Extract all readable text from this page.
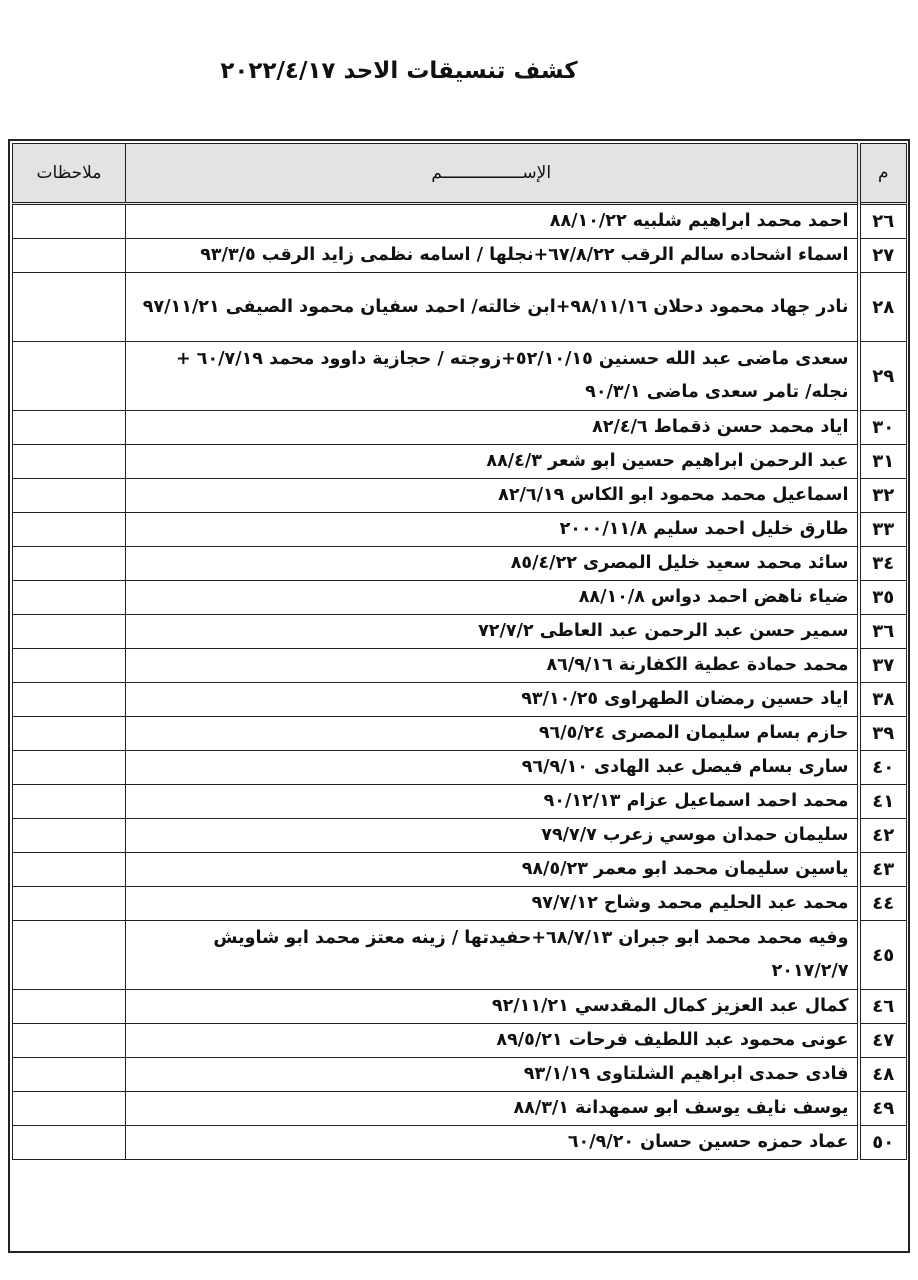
كشف تنسيقات الاحد ٢٠٢٢/٤/١٧
م	الإســــــــــــــــم	ملاحظات
٢٦	احمد محمد ابراهيم شلبيه ٨٨/١٠/٢٢	
٢٧	اسماء اشحاده سالم الرقب ٦٧/٨/٢٢+نجلها / اسامه نظمى زايد الرقب ٩٣/٣/٥	
٢٨	نادر جهاد محمود دحلان ٩٨/١١/١٦+ابن خالته/ احمد سفيان محمود الصيفى ٩٧/١١/٢١	
٢٩	سعدى ماضى عبد الله حسنين ٥٢/١٠/١٥+زوجته / حجازية داوود محمد ٦٠/٧/١٩ + نجله/ تامر سعدى ماضى ٩٠/٣/١	
٣٠	اياد محمد حسن ذقماط ٨٢/٤/٦	
٣١	عبد الرحمن ابراهيم حسين ابو شعر ٨٨/٤/٣	
٣٢	اسماعيل محمد محمود ابو الكاس ٨٢/٦/١٩	
٣٣	طارق خليل احمد سليم ٢٠٠٠/١١/٨	
٣٤	سائد محمد سعيد خليل المصرى ٨٥/٤/٢٢	
٣٥	ضياء ناهض احمد دواس ٨٨/١٠/٨	
٣٦	سمير حسن عبد الرحمن عبد العاطى ٧٢/٧/٢	
٣٧	محمد حمادة عطية الكفارنة ٨٦/٩/١٦	
٣٨	اياد حسين رمضان الطهراوى ٩٣/١٠/٢٥	
٣٩	حازم بسام سليمان المصرى ٩٦/٥/٢٤	
٤٠	سارى بسام فيصل عبد الهادى ٩٦/٩/١٠	
٤١	محمد احمد اسماعيل عزام ٩٠/١٢/١٣	
٤٢	سليمان حمدان موسي زعرب ٧٩/٧/٧	
٤٣	ياسين سليمان محمد ابو معمر ٩٨/٥/٢٣	
٤٤	محمد عبد الحليم محمد وشاح ٩٧/٧/١٢	
٤٥	وفيه محمد محمد ابو جبران ٦٨/٧/١٣+حفيدتها / زينه معتز محمد ابو شاويش ٢٠١٧/٢/٧	
٤٦	كمال عبد العزيز كمال المقدسي ٩٢/١١/٢١	
٤٧	عونى محمود عبد اللطيف فرحات ٨٩/٥/٢١	
٤٨	فادى حمدى ابراهيم الشلتاوى ٩٣/١/١٩	
٤٩	يوسف نايف يوسف ابو سمهدانة ٨٨/٣/١	
٥٠	عماد حمزه حسين حسان ٦٠/٩/٢٠	
